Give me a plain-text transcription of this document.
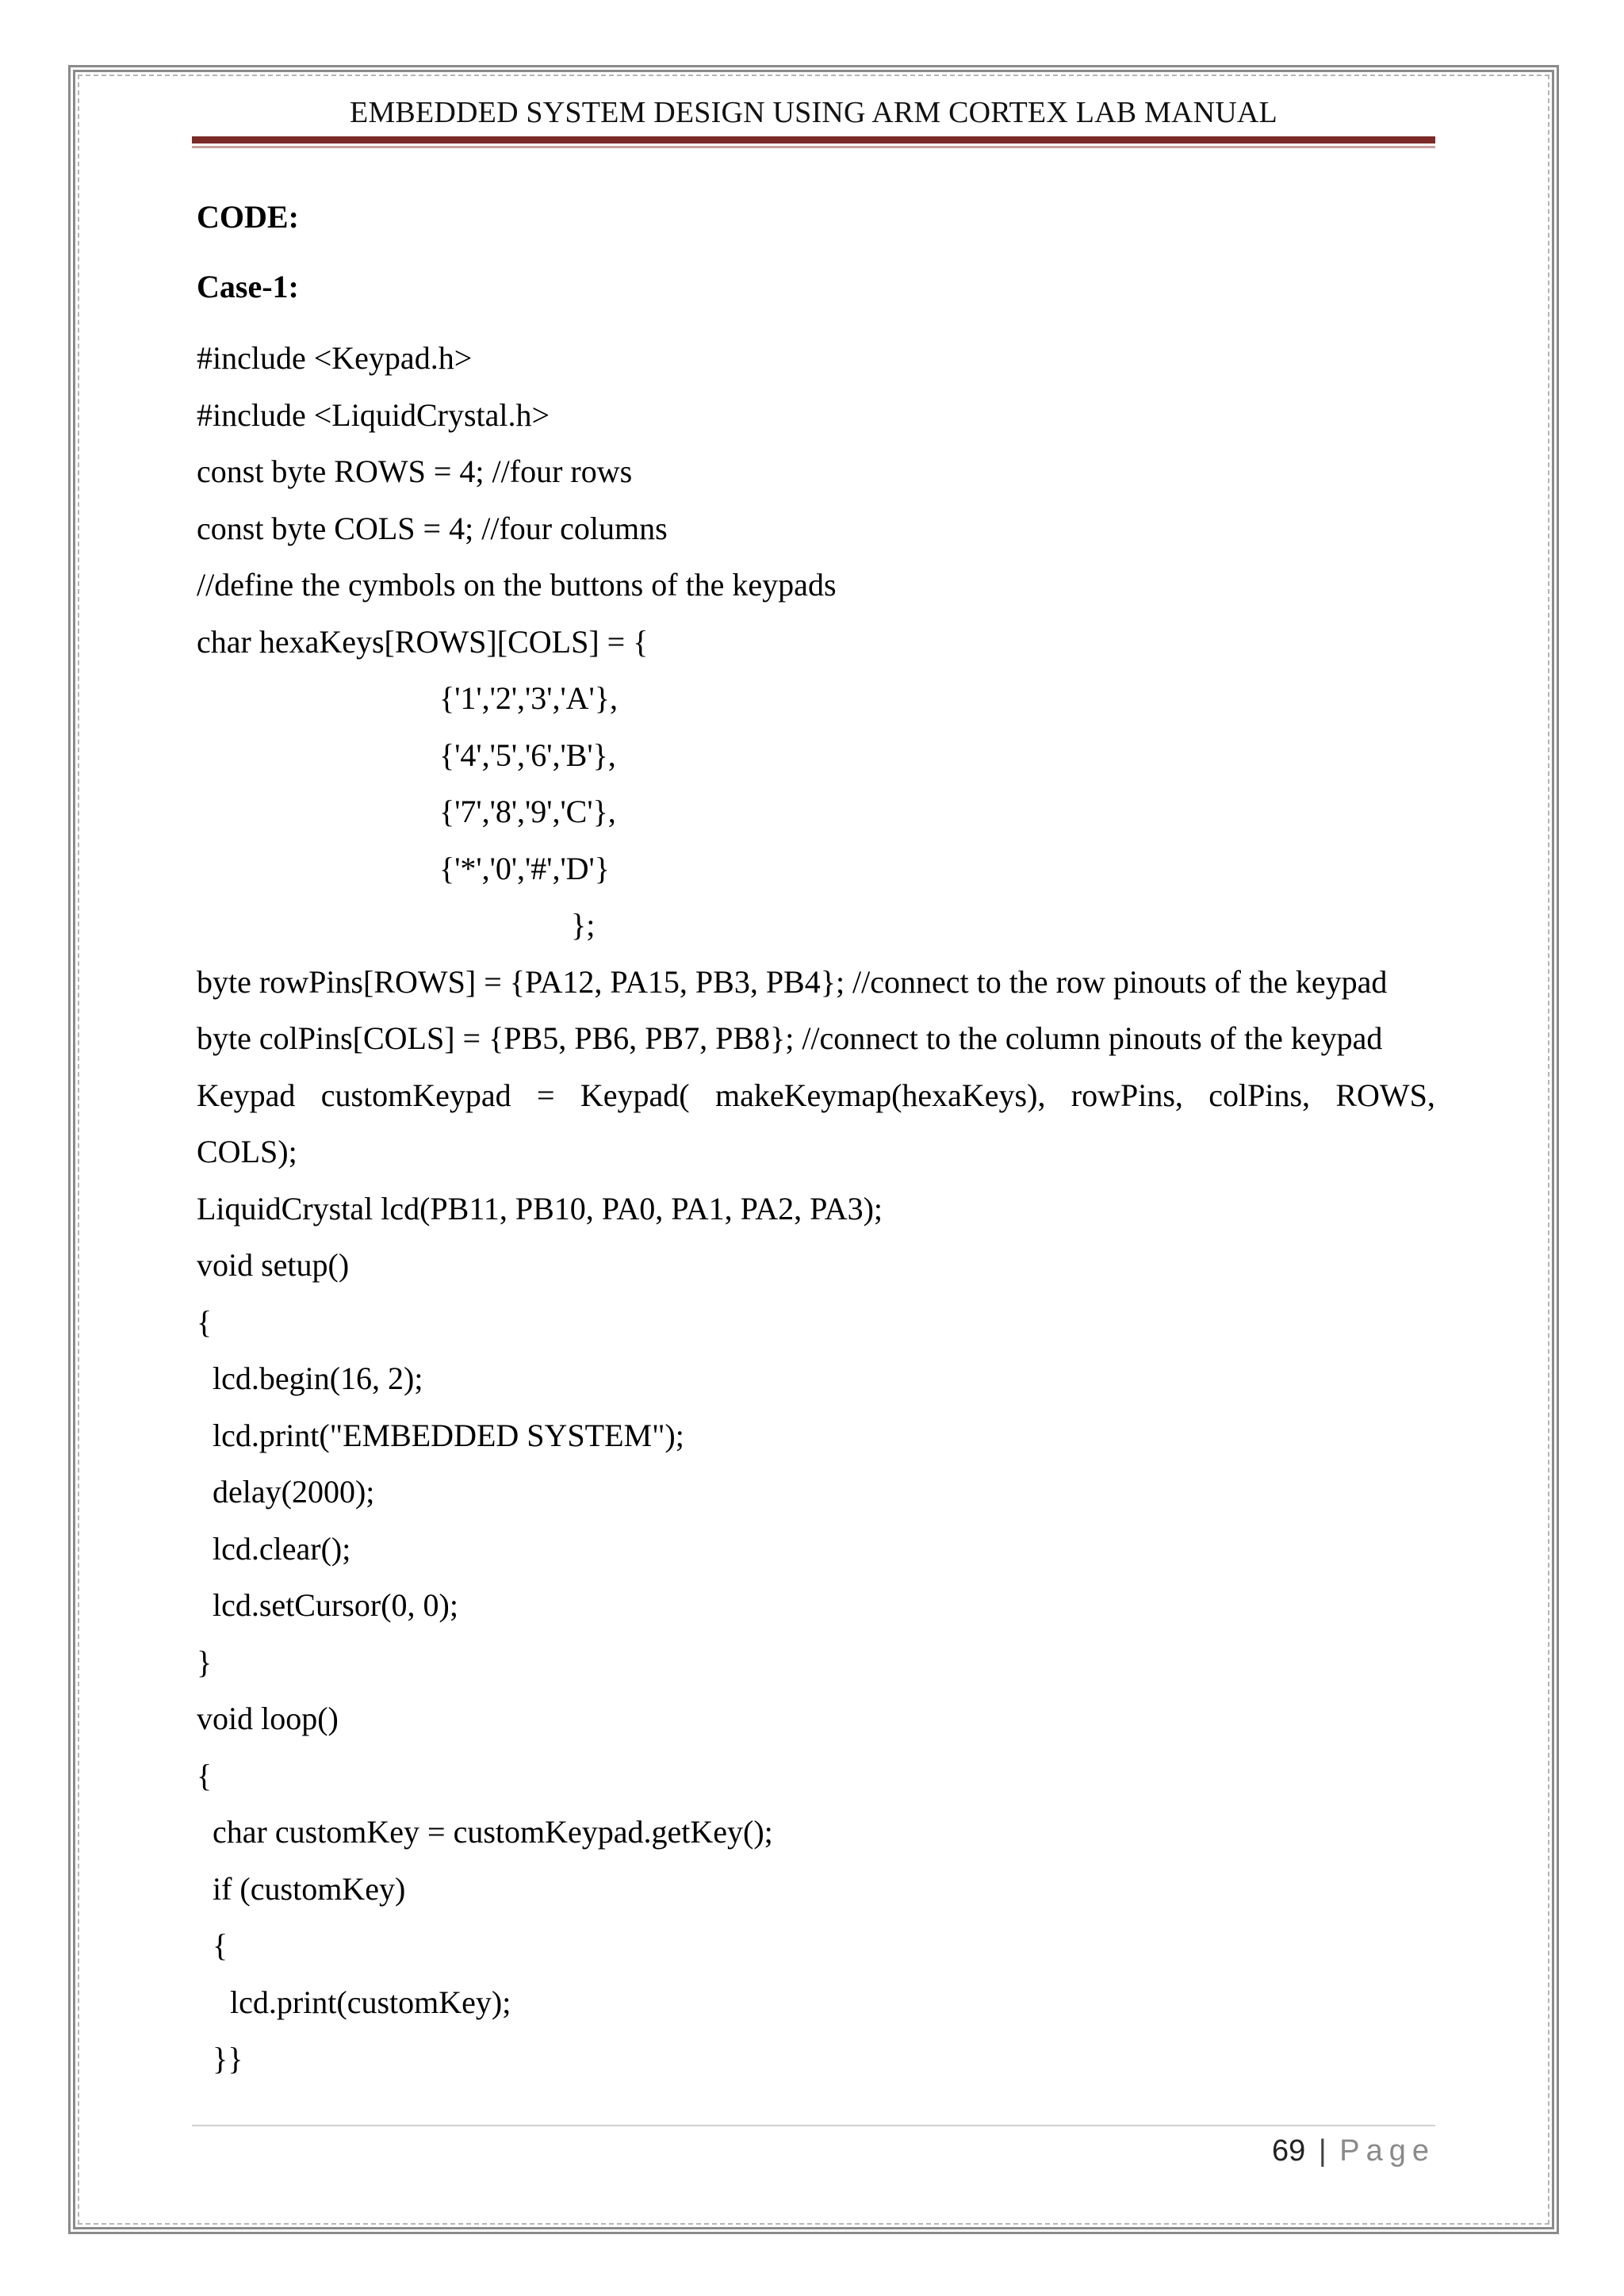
EMBEDDED SYSTEM DESIGN USING ARM CORTEX LAB MANUAL
CODE:
Case-1:
#include <Keypad.h>
#include <LiquidCrystal.h>
const byte ROWS = 4; //four rows
const byte COLS = 4; //four columns
//define the cymbols on the buttons of the keypads
char hexaKeys[ROWS][COLS] = {
{'1','2','3','A'},
{'4','5','6','B'},
{'7','8','9','C'},
{'*','0','#','D'}
};
byte rowPins[ROWS] = {PA12, PA15, PB3, PB4}; //connect to the row pinouts of the keypad
byte colPins[COLS] = {PB5, PB6, PB7, PB8}; //connect to the column pinouts of the keypad
Keypad customKeypad = Keypad( makeKeymap(hexaKeys), rowPins, colPins, ROWS,
COLS);
LiquidCrystal lcd(PB11, PB10, PA0, PA1, PA2, PA3);
void setup()
{
lcd.begin(16, 2);
lcd.print("EMBEDDED SYSTEM");
delay(2000);
lcd.clear();
lcd.setCursor(0, 0);
}
void loop()
{
char customKey = customKeypad.getKey();
if (customKey)
{
lcd.print(customKey);
}}
69 | Page
